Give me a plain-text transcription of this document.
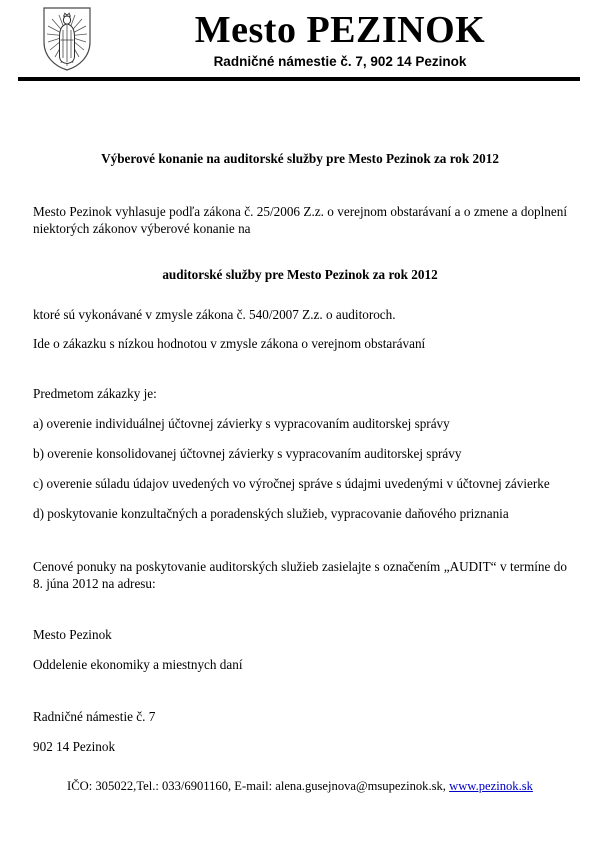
Mesto PEZINOK
Radničné námestie č. 7, 902 14 Pezinok

Výberové konanie na auditorské služby pre Mesto Pezinok za rok 2012

Mesto Pezinok vyhlasuje podľa zákona č. 25/2006 Z.z. o verejnom obstarávaní a o zmene a doplnení niektorých zákonov výberové konanie na

auditorské služby pre Mesto Pezinok za rok 2012

ktoré sú vykonávané v zmysle zákona č. 540/2007 Z.z. o auditoroch.

Ide o zákazku s nízkou hodnotou v zmysle zákona o verejnom obstarávaní

Predmetom zákazky je:

a) overenie individuálnej účtovnej závierky s vypracovaním auditorskej správy

b) overenie konsolidovanej účtovnej závierky s vypracovaním auditorskej správy

c) overenie súladu údajov uvedených vo výročnej správe s údajmi uvedenými v účtovnej závierke

d) poskytovanie konzultačných a poradenských služieb, vypracovanie daňového priznania

Cenové ponuky na poskytovanie auditorských služieb zasielajte s označením „AUDIT“ v termíne do 8. júna 2012 na adresu:

Mesto Pezinok

Oddelenie ekonomiky a miestnych daní

Radničné námestie č. 7

902 14 Pezinok

IČO: 305022,Tel.: 033/6901160, E-mail: alena.gusejnova@msupezinok.sk, www.pezinok.sk
